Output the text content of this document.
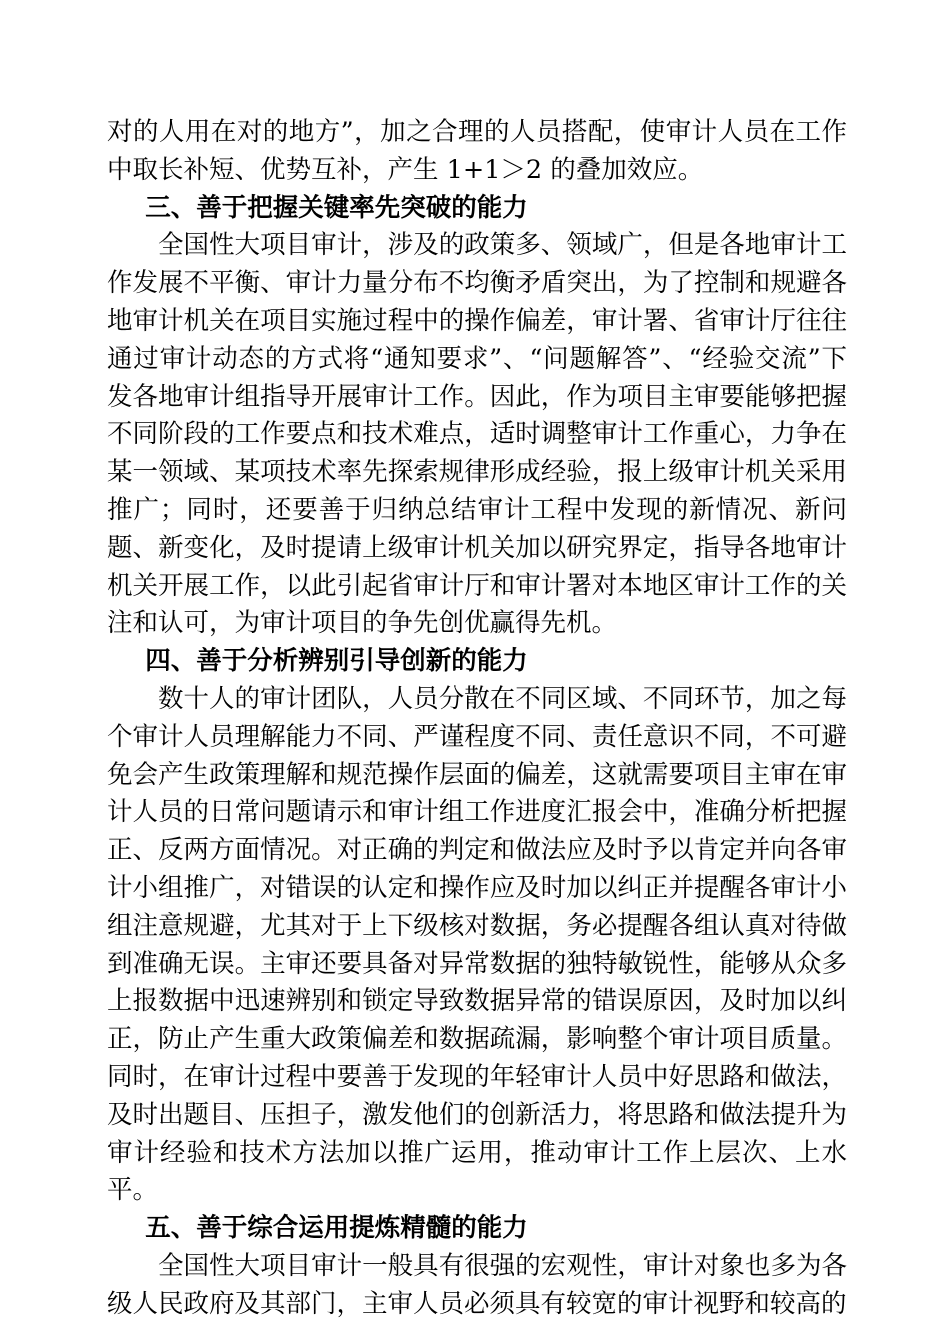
对的人用在对的地方”，加之合理的人员搭配，使审计人员在工作中取长补短、优势互补，产生 1+1＞2 的叠加效应。

三、善于把握关键率先突破的能力

全国性大项目审计，涉及的政策多、领域广，但是各地审计工作发展不平衡、审计力量分布不均衡矛盾突出，为了控制和规避各地审计机关在项目实施过程中的操作偏差，审计署、省审计厅往往通过审计动态的方式将“通知要求”、“问题解答”、“经验交流”下发各地审计组指导开展审计工作。因此，作为项目主审要能够把握不同阶段的工作要点和技术难点，适时调整审计工作重心，力争在某一领域、某项技术率先探索规律形成经验，报上级审计机关采用推广；同时，还要善于归纳总结审计工程中发现的新情况、新问题、新变化，及时提请上级审计机关加以研究界定，指导各地审计机关开展工作，以此引起省审计厅和审计署对本地区审计工作的关注和认可，为审计项目的争先创优赢得先机。

四、善于分析辨别引导创新的能力

数十人的审计团队，人员分散在不同区域、不同环节，加之每个审计人员理解能力不同、严谨程度不同、责任意识不同，不可避免会产生政策理解和规范操作层面的偏差，这就需要项目主审在审计人员的日常问题请示和审计组工作进度汇报会中，准确分析把握正、反两方面情况。对正确的判定和做法应及时予以肯定并向各审计小组推广，对错误的认定和操作应及时加以纠正并提醒各审计小组注意规避，尤其对于上下级核对数据，务必提醒各组认真对待做到准确无误。主审还要具备对异常数据的独特敏锐性，能够从众多上报数据中迅速辨别和锁定导致数据异常的错误原因，及时加以纠正，防止产生重大政策偏差和数据疏漏，影响整个审计项目质量。同时，在审计过程中要善于发现的年轻审计人员中好思路和做法，及时出题目、压担子，激发他们的创新活力，将思路和做法提升为审计经验和技术方法加以推广运用，推动审计工作上层次、上水平。

五、善于综合运用提炼精髓的能力

全国性大项目审计一般具有很强的宏观性，审计对象也多为各级人民政府及其部门，主审人员必须具有较宽的审计视野和较高的
